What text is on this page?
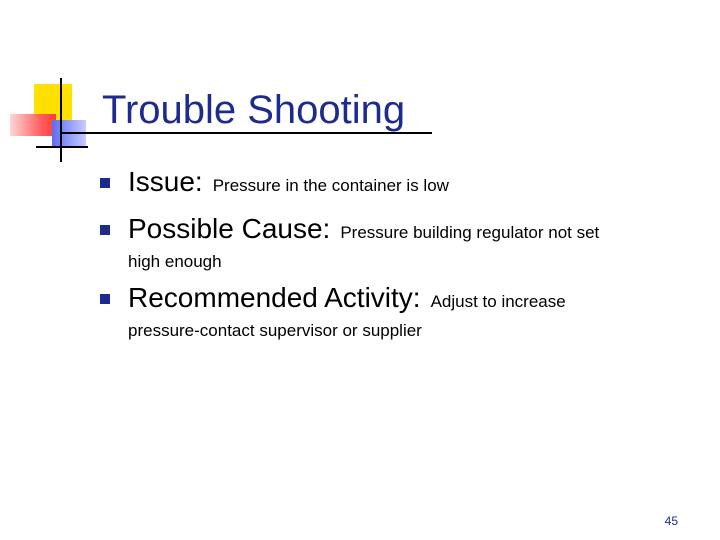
Trouble Shooting
Issue: Pressure in the container is low
Possible Cause: Pressure building regulator not set
high enough
Recommended Activity: Adjust to increase
pressure-contact supervisor or supplier
45
